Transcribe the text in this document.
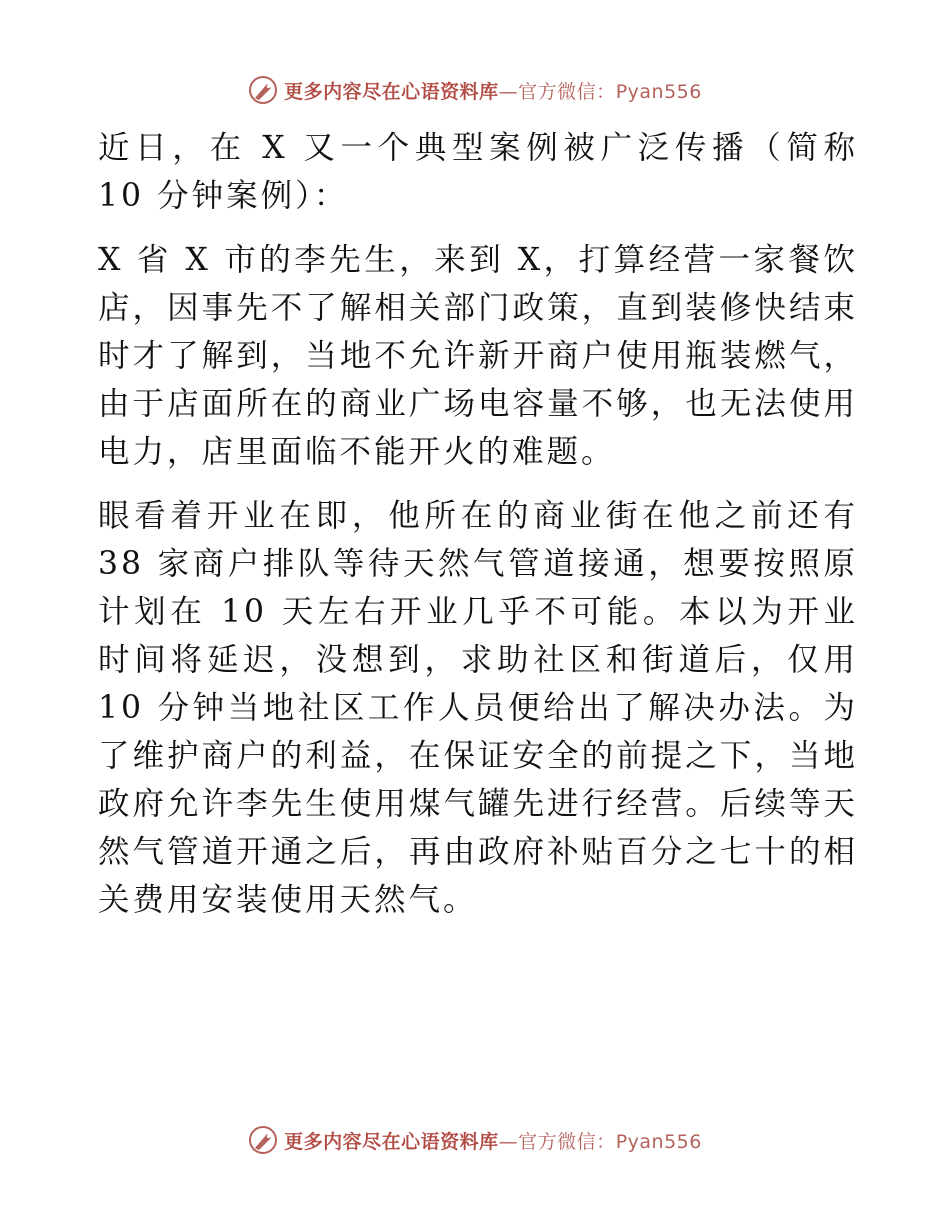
更多内容尽在心语资料库—官方微信：Pyan556

近日，在 X 又一个典型案例被广泛传播（简称 10 分钟案例）：

X 省 X 市的李先生，来到 X，打算经营一家餐饮店，因事先不了解相关部门政策，直到装修快结束时才了解到，当地不允许新开商户使用瓶装燃气，由于店面所在的商业广场电容量不够，也无法使用电力，店里面临不能开火的难题。

眼看着开业在即，他所在的商业街在他之前还有 38 家商户排队等待天然气管道接通，想要按照原计划在 10 天左右开业几乎不可能。本以为开业时间将延迟，没想到，求助社区和街道后，仅用 10 分钟当地社区工作人员便给出了解决办法。为了维护商户的利益，在保证安全的前提之下，当地政府允许李先生使用煤气罐先进行经营。后续等天然气管道开通之后，再由政府补贴百分之七十的相关费用安装使用天然气。

更多内容尽在心语资料库—官方微信：Pyan556
